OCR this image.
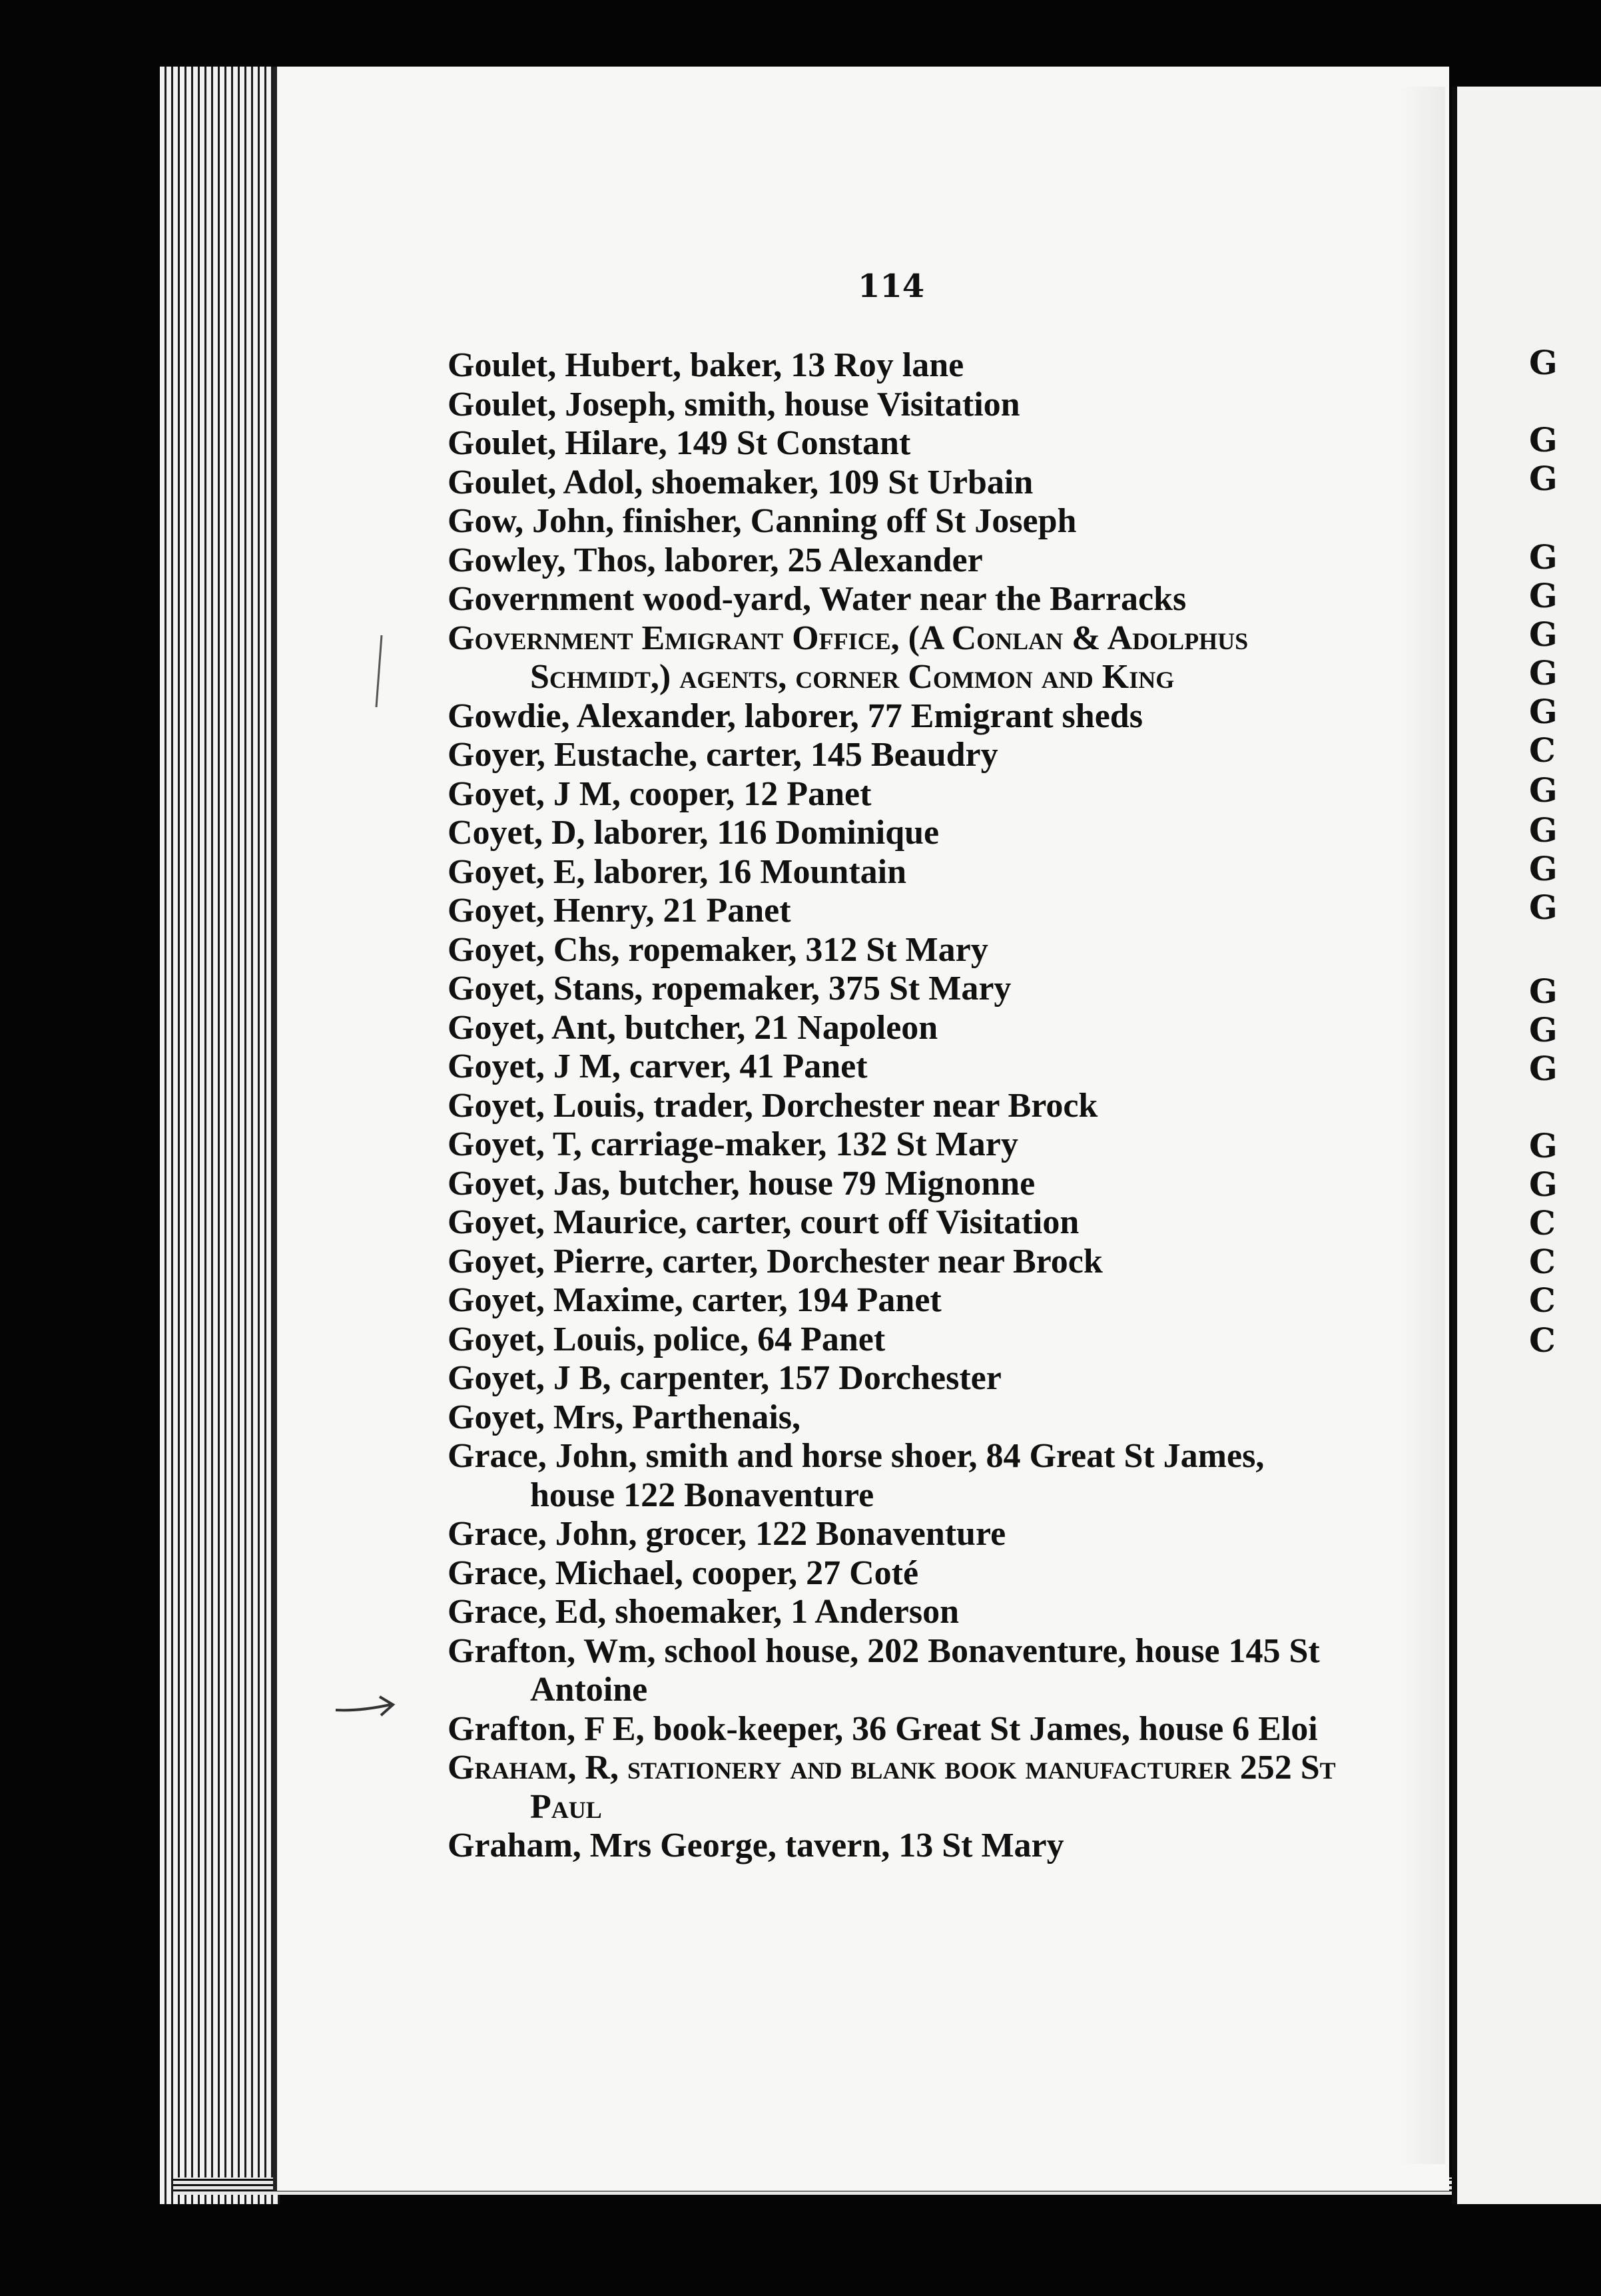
114
Goulet, Hubert, baker, 13 Roy lane
Goulet, Joseph, smith, house Visitation
Goulet, Hilare, 149 St Constant
Goulet, Adol, shoemaker, 109 St Urbain
Gow, John, finisher, Canning off St Joseph
Gowley, Thos, laborer, 25 Alexander
Government wood-yard, Water near the Barracks
Government Emigrant Office, (A Conlan & Adolphus Schmidt,) agents, corner Common and King
Gowdie, Alexander, laborer, 77 Emigrant sheds
Goyer, Eustache, carter, 145 Beaudry
Goyet, J M, cooper, 12 Panet
Coyet, D, laborer, 116 Dominique
Goyet, E, laborer, 16 Mountain
Goyet, Henry, 21 Panet
Goyet, Chs, ropemaker, 312 St Mary
Goyet, Stans, ropemaker, 375 St Mary
Goyet, Ant, butcher, 21 Napoleon
Goyet, J M, carver, 41 Panet
Goyet, Louis, trader, Dorchester near Brock
Goyet, T, carriage-maker, 132 St Mary
Goyet, Jas, butcher, house 79 Mignonne
Goyet, Maurice, carter, court off Visitation
Goyet, Pierre, carter, Dorchester near Brock
Goyet, Maxime, carter, 194 Panet
Goyet, Louis, police, 64 Panet
Goyet, J B, carpenter, 157 Dorchester
Goyet, Mrs, Parthenais,
Grace, John, smith and horse shoer, 84 Great St James, house 122 Bonaventure
Grace, John, grocer, 122 Bonaventure
Grace, Michael, cooper, 27 Coté
Grace, Ed, shoemaker, 1 Anderson
Grafton, Wm, school house, 202 Bonaventure, house 145 St Antoine
Grafton, F E, book-keeper, 36 Great St James, house 6 Eloi
Graham, R, stationery and blank book manufacturer 252 St Paul
Graham, Mrs George, tavern, 13 St Mary
G
G
G
G
G
G
G
G
C
G
G
G
G
G
G
G
G
G
C
C
C
C
